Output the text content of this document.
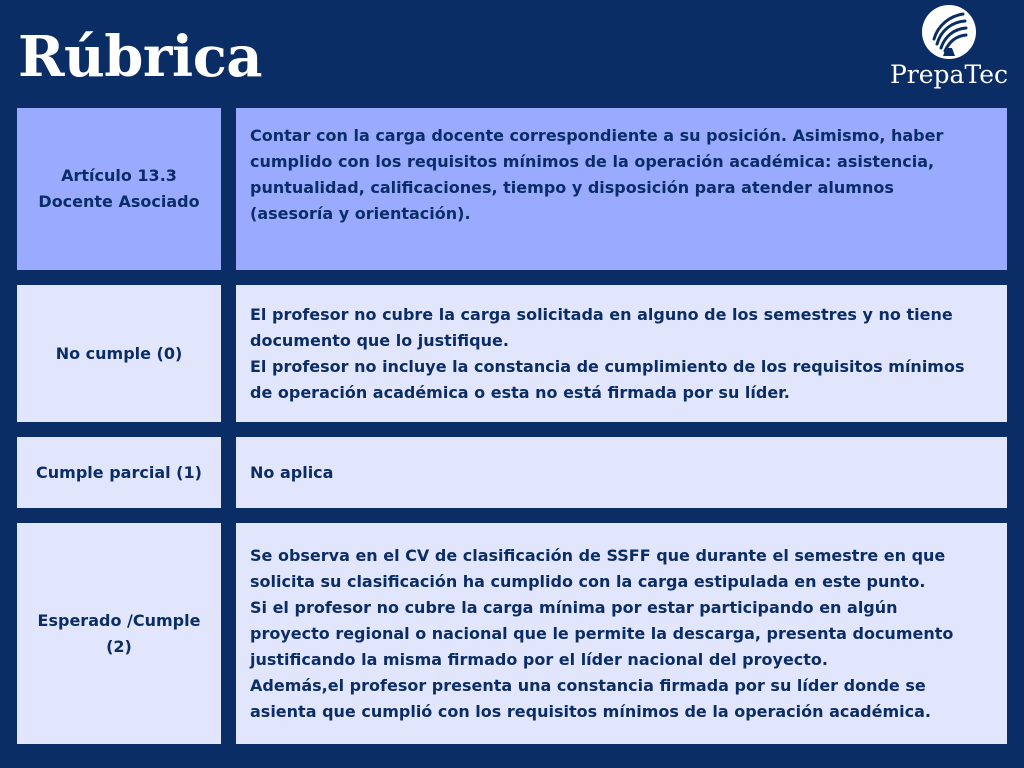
Rúbrica	PrepaTec
Artículo 13.3
Docente Asociado
Contar con la carga docente correspondiente a su posición. Asimismo, haber
cumplido con los requisitos mínimos de la operación académica: asistencia,
puntualidad, calificaciones, tiempo y disposición para atender alumnos
(asesoría y orientación).
No cumple (0)
El profesor no cubre la carga solicitada en alguno de los semestres y no tiene
documento que lo justifique.
El profesor no incluye la constancia de cumplimiento de los requisitos mínimos
de operación académica o esta no está firmada por su líder.
Cumple parcial (1)	No aplica
Esperado /Cumple
(2)
Se observa en el CV de clasificación de SSFF que durante el semestre en que
solicita su clasificación ha cumplido con la carga estipulada en este punto.
Si el profesor no cubre la carga mínima por estar participando en algún
proyecto regional o nacional que le permite la descarga, presenta documento
justificando la misma firmado por el líder nacional del proyecto.
Además,el profesor presenta una constancia firmada por su líder donde se
asienta que cumplió con los requisitos mínimos de la operación académica.
